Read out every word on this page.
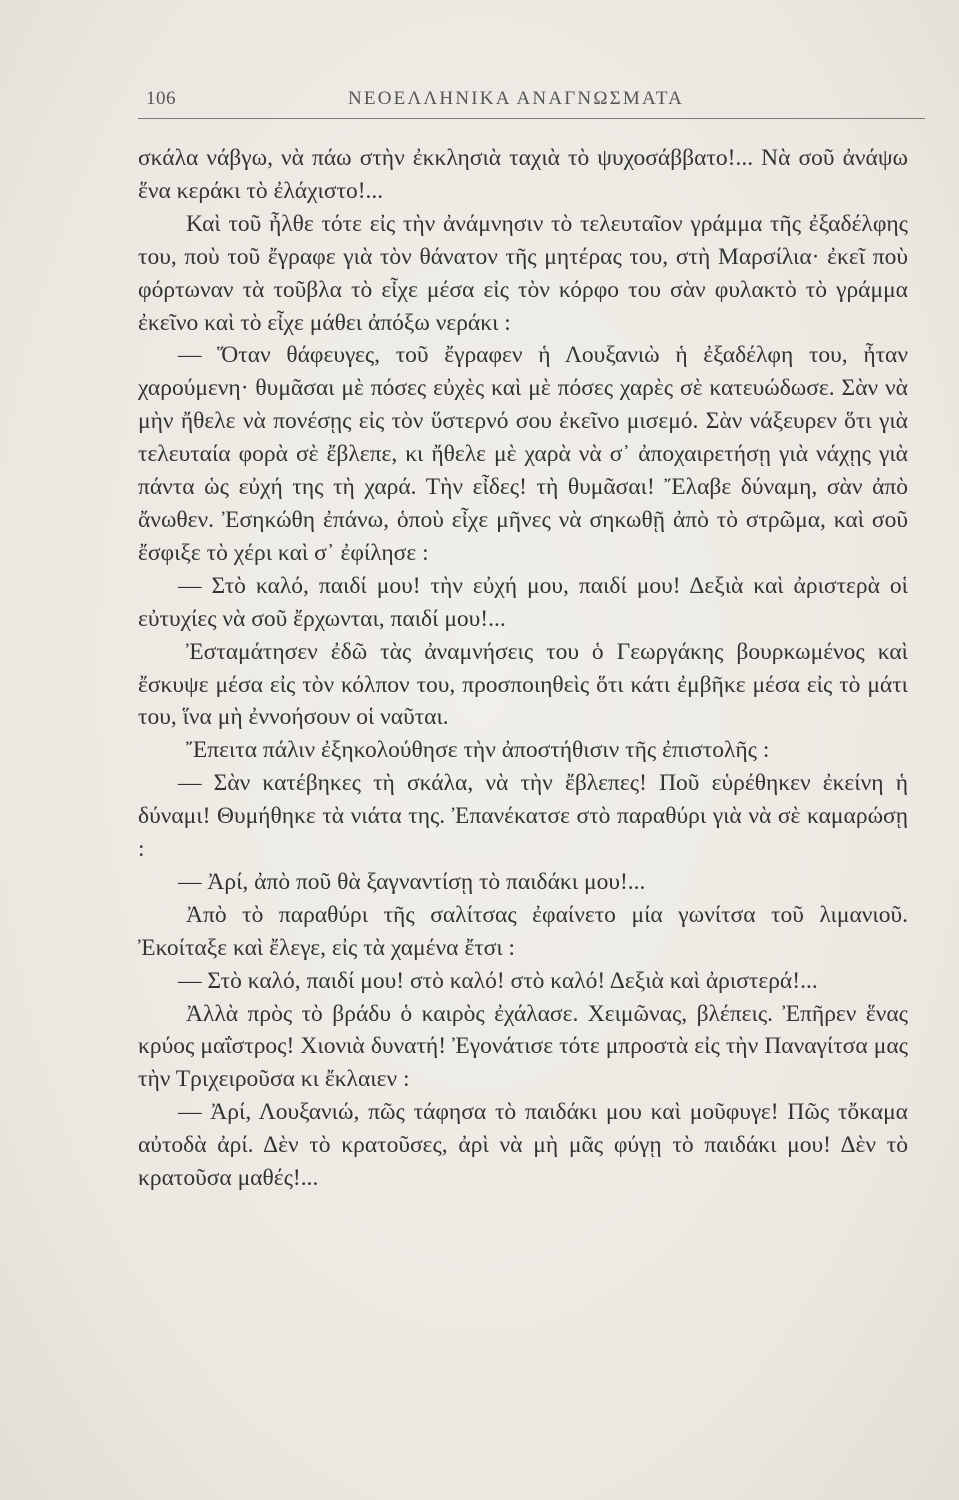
106	ΝΕΟΕΛΛΗΝΙΚΑ ΑΝΑΓΝΩΣΜΑΤΑ

σκάλα νάβγω, νὰ πάω στὴν ἐκκλησιὰ ταχιὰ τὸ ψυχοσάββατο!... Νὰ σοῦ ἀνάψω ἕνα κεράκι τὸ ἐλάχιστο!...

Καὶ τοῦ ἦλθε τότε εἰς τὴν ἀνάμνησιν τὸ τελευταῖον γράμμα τῆς ἐξαδέλφης του, ποὺ τοῦ ἔγραφε γιὰ τὸν θάνατον τῆς μητέρας του, στὴ Μαρσίλια· ἐκεῖ ποὺ φόρτωναν τὰ τοῦβλα τὸ εἶχε μέσα εἰς τὸν κόρφο του σὰν φυλακτὸ τὸ γράμμα ἐκεῖνο καὶ τὸ εἶχε μάθει ἀπόξω νεράκι :

— Ὅταν θάφευγες, τοῦ ἔγραφεν ἡ Λουξανιὼ ἡ ἐξαδέλφη του, ἦταν χαρούμενη· θυμᾶσαι μὲ πόσες εὐχὲς καὶ μὲ πόσες χαρὲς σὲ κατευώδωσε. Σὰν νὰ μὴν ἤθελε νὰ πονέσῃς εἰς τὸν ὕστερνό σου ἐκεῖνο μισεμό. Σὰν νάξευρεν ὅτι γιὰ τελευταία φορὰ σὲ ἔβλεπε, κι ἤθελε μὲ χαρὰ νὰ σ᾽ ἀποχαιρετήσῃ γιὰ νάχῃς γιὰ πάντα ὡς εὐχή της τὴ χαρά. Τὴν εἶδες! τὴ θυμᾶσαι! Ἔλαβε δύναμη, σὰν ἀπὸ ἄνωθεν. Ἐσηκώθη ἐπάνω, ὁποὺ εἶχε μῆνες νὰ σηκωθῇ ἀπὸ τὸ στρῶμα, καὶ σοῦ ἔσφιξε τὸ χέρι καὶ σ᾽ ἐφίλησε :

— Στὸ καλό, παιδί μου! τὴν εὐχή μου, παιδί μου! Δεξιὰ καὶ ἀριστερὰ οἱ εὐτυχίες νὰ σοῦ ἔρχωνται, παιδί μου!...

Ἐσταμάτησεν ἐδῶ τὰς ἀναμνήσεις του ὁ Γεωργάκης βουρκωμένος καὶ ἔσκυψε μέσα εἰς τὸν κόλπον του, προσποιηθεὶς ὅτι κάτι ἐμβῆκε μέσα εἰς τὸ μάτι του, ἵνα μὴ ἐννοήσουν οἱ ναῦται.

Ἔπειτα πάλιν ἐξηκολούθησε τὴν ἀποστήθισιν τῆς ἐπιστολῆς :

— Σὰν κατέβηκες τὴ σκάλα, νὰ τὴν ἔβλεπες! Ποῦ εὑρέθηκεν ἐκείνη ἡ δύναμι! Θυμήθηκε τὰ νιάτα της. Ἐπανέκατσε στὸ παραθύρι γιὰ νὰ σὲ καμαρώσῃ :

— Ἀρί, ἀπὸ ποῦ θὰ ξαγναντίσῃ τὸ παιδάκι μου!...

Ἀπὸ τὸ παραθύρι τῆς σαλίτσας ἐφαίνετο μία γωνίτσα τοῦ λιμανιοῦ. Ἐκοίταξε καὶ ἔλεγε, εἰς τὰ χαμένα ἔτσι :

— Στὸ καλό, παιδί μου! στὸ καλό! στὸ καλό! Δεξιὰ καὶ ἀριστερά!...

Ἀλλὰ πρὸς τὸ βράδυ ὁ καιρὸς ἐχάλασε. Χειμῶνας, βλέπεις. Ἐπῆρεν ἕνας κρύος μαΐστρος! Χιονιὰ δυνατή! Ἐγονάτισε τότε μπροστὰ εἰς τὴν Παναγίτσα μας τὴν Τριχειροῦσα κι ἔκλαιεν :

— Ἀρί, Λουξανιώ, πῶς τάφησα τὸ παιδάκι μου καὶ μοῦφυγε! Πῶς τὄκαμα αὐτοδὰ ἀρί. Δὲν τὸ κρατοῦσες, ἀρὶ νὰ μὴ μᾶς φύγῃ τὸ παιδάκι μου! Δὲν τὸ κρατοῦσα μαθές!...
